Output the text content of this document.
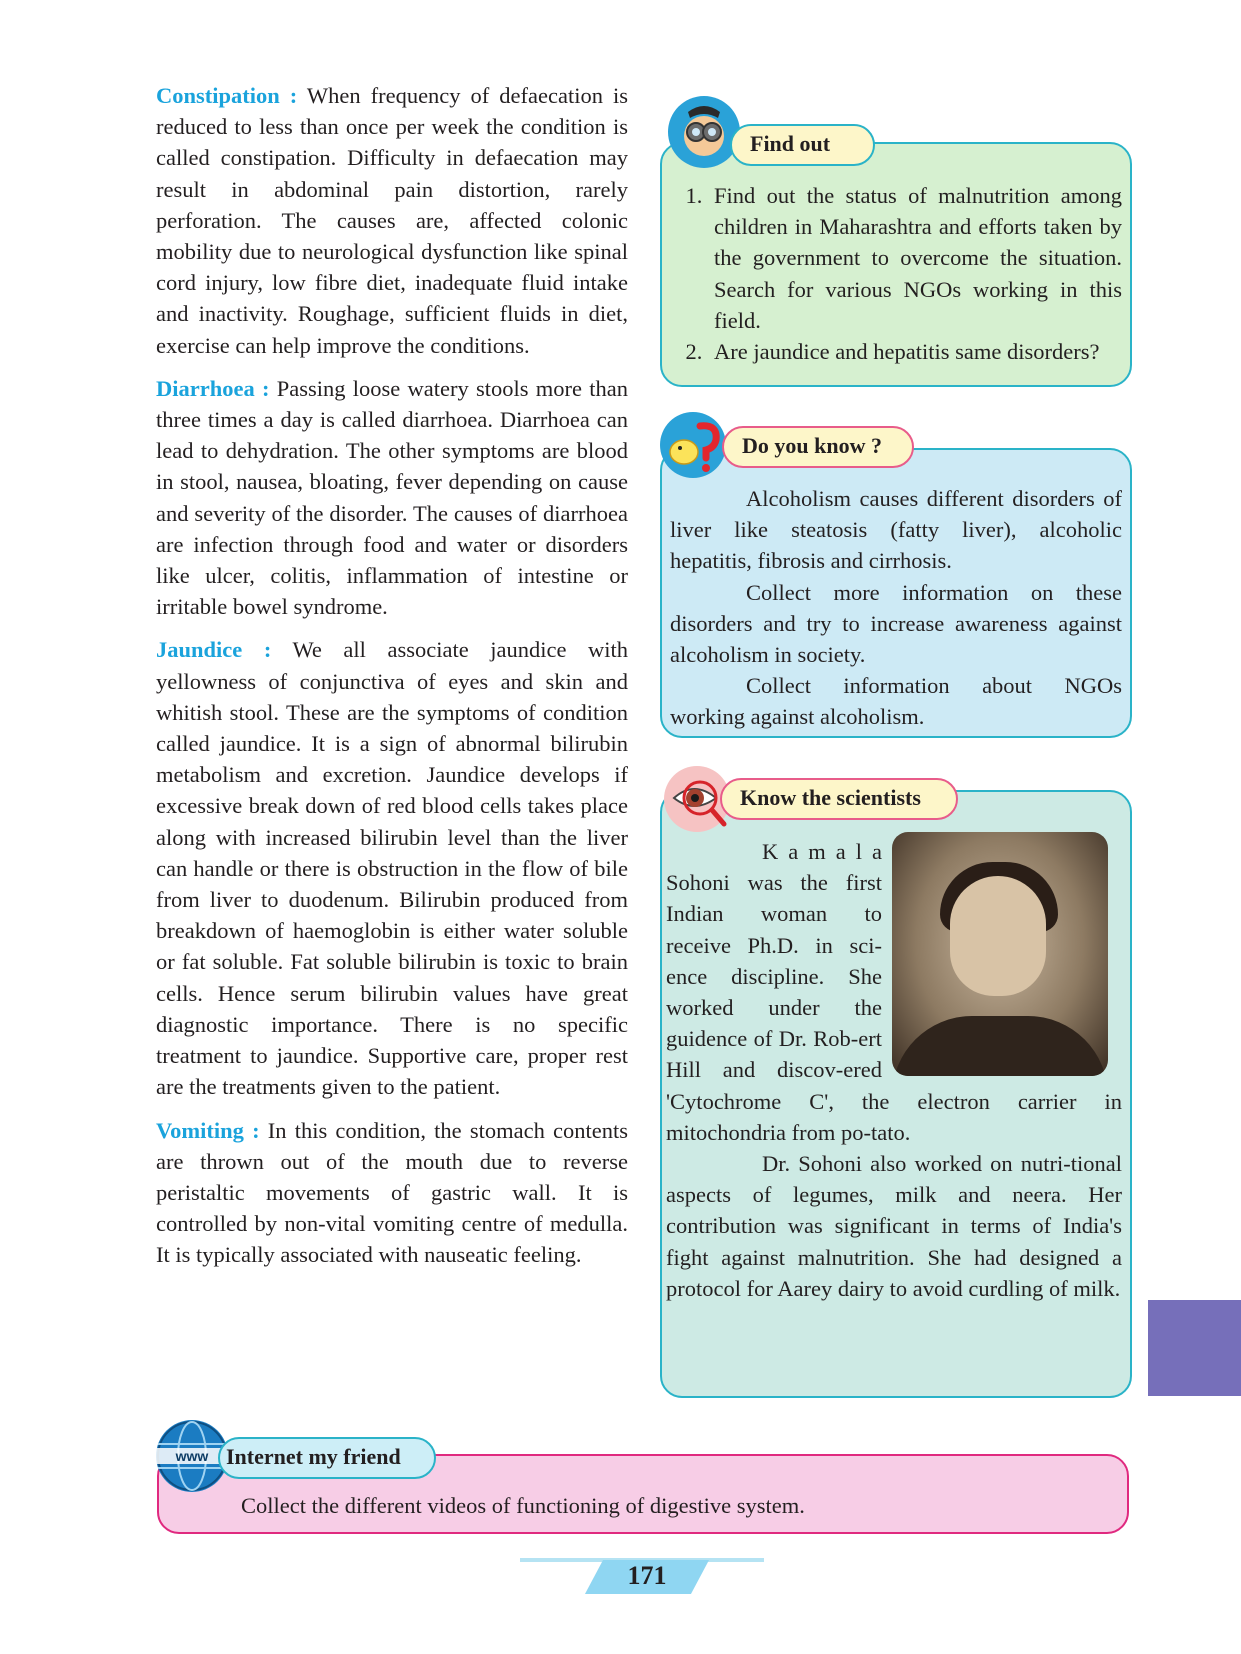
Constipation : When frequency of defaecation is reduced to less than once per week the condition is called constipation. Difficulty in defaecation may result in abdominal pain distortion, rarely perforation. The causes are, affected colonic mobility due to neurological dysfunction like spinal cord injury, low fibre diet, inadequate fluid intake and inactivity. Roughage, sufficient fluids in diet, exercise can help improve the conditions.

Diarrhoea : Passing loose watery stools more than three times a day is called diarrhoea. Diarrhoea can lead to dehydration. The other symptoms are blood in stool, nausea, bloating, fever depending on cause and severity of the disorder. The causes of diarrhoea are infection through food and water or disorders like ulcer, colitis, inflammation of intestine or irritable bowel syndrome.

Jaundice : We all associate jaundice with yellowness of conjunctiva of eyes and skin and whitish stool. These are the symptoms of condition called jaundice. It is a sign of abnormal bilirubin metabolism and excretion. Jaundice develops if excessive break down of red blood cells takes place along with increased bilirubin level than the liver can handle or there is obstruction in the flow of bile from liver to duodenum. Bilirubin produced from breakdown of haemoglobin is either water soluble or fat soluble. Fat soluble bilirubin is toxic to brain cells. Hence serum bilirubin values have great diagnostic importance. There is no specific treatment to jaundice. Supportive care, proper rest are the treatments given to the patient.

Vomiting : In this condition, the stomach contents are thrown out of the mouth due to reverse peristaltic movements of gastric wall. It is controlled by non-vital vomiting centre of medulla. It is typically associated with nauseatic feeling.

1. Find out the status of malnutrition among children in Maharashtra and efforts taken by the government to overcome the situation. Search for various NGOs working in this field.
2. Are jaundice and hepatitis same disorders?
Find out

Alcoholism causes different disorders of liver like steatosis (fatty liver), alcoholic hepatitis, fibrosis and cirrhosis.

Collect more information on these disorders and try to increase awareness against alcoholism in society.

Collect information about NGOs working against alcoholism.

Do you know ?

K a m a l a Sohoni was the first Indian woman to receive Ph.D. in sci-ence discipline. She worked under the guidence of Dr. Rob-ert Hill and discov-ered 'Cytochrome C', the electron carrier in mitochondria from po-tato.

Dr. Sohoni also worked on nutri-tional aspects of legumes, milk and neera. Her contribution was significant in terms of India's fight against malnutrition. She had designed a protocol for Aarey dairy to avoid curdling of milk.

Know the scientists
Collect the different videos of functioning of digestive system.
www Internet my friend
171
